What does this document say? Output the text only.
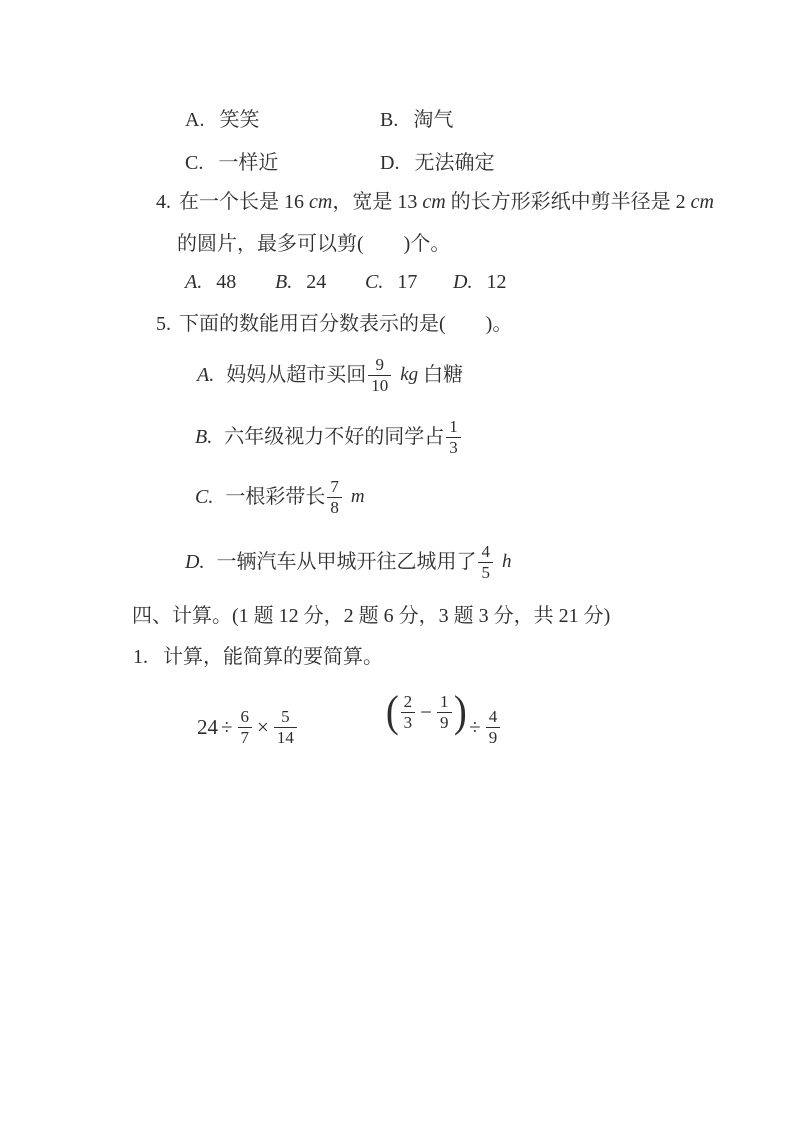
A. 笑笑	B. 淘气
C. 一样近	D. 无法确定
4. 在一个长是 16 cm，宽是 13 cm 的长方形彩纸中剪半径是 2 cm
的圆片，最多可以剪(　　)个。
A. 48 B. 24 C. 17 D. 12
5. 下面的数能用百分数表示的是(　　)。
A. 妈妈从超市买回 $\frac{9}{10}$ kg 白糖
B. 六年级视力不好的同学占 $\frac{1}{3}$
C. 一根彩带长 $\frac{7}{8}$ m
D. 一辆汽车从甲城开往乙城用了 $\frac{4}{5}$ h
四、计算。(1 题 12 分，2 题 6 分，3 题 3 分，共 21 分)
1. 计算，能简算的要简算。
$24 \div \frac{6}{7} \times \frac{5}{14}$ ( $\frac{2}{3} - \frac{1}{9}$ ) ÷ $\frac{4}{9}$
